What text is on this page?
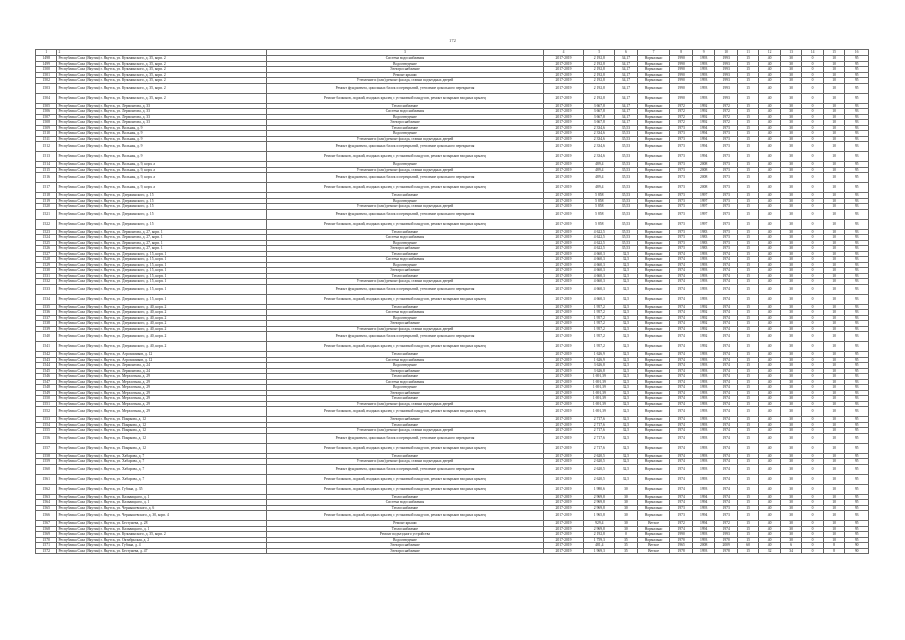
172
1	2	3	4	5	6	7	8	9	10	11	12	13	14	15	16
1498	Республика Саха (Якутия) г. Якутск, ул. Кузьминского, д. 35, корп. 2	Система водоснабжения	2017-2019	2 192,8	34,17	Нормально	1990	1993	1993	15	40	30	0	10	95
1499	Республика Саха (Якутия) г. Якутск, ул. Кузьминского, д. 35, корп. 2	Водоотведение	2017-2019	2 192,8	34,17	Нормально	1990	1993	1993	15	40	30	0	10	95
1500	Республика Саха (Якутия) г. Якутск, ул. Кузьминского, д. 35, корп. 2	Электроснабжение	2017-2019	2 192,8	34,17	Нормально	1990	1993	1993	15	40	30	0	10	95
1501	Республика Саха (Якутия) г. Якутск, ул. Кузьминского, д. 35, корп. 2	Ремонт крыши	2017-2019	2 192,8	34,17	Нормально	1990	1993	1993	15	40	30	0	10	95
1502	Республика Саха (Якутия) г. Якутск, ул. Кузьминского, д. 35, корп. 2	Утепление и (или) ремонт фасада, ставни подъездных дверей	2017-2019	2 192,8	34,17	Нормально	1990	1993	1993	15	40	30	0	10	95
1503	Республика Саха (Якутия) г. Якутск, ул. Кузьминского, д. 35, корп. 2	Ремонт фундамента, цокольных балок и перекрытий, утепление цокольного перекрытия	2017-2019	2 192,8	34,17	Нормально	1990	1993	1993	15	40	30	0	10	95
1504	Республика Саха (Якутия) г. Якутск, ул. Кузьминского, д. 35, корп. 2	Ремонт балконов, лоджий, входных крылец с установкой пандусов, ремонт козырьков входных крылец	2017-2019	2 192,8	34,17	Нормально	1990	1993	1993	15	40	30	0	10	95
1505	Республика Саха (Якутия) г. Якутск, ул. Лермонтова, д. 33	Теплоснабжение	2017-2019	3 667,8	34,17	Нормально	1972	1992	1972	15	40	30	0	10	93
1506	Республика Саха (Якутия) г. Якутск, ул. Лермонтова, д. 33	Система водоснабжения	2017-2019	3 667,8	34,17	Нормально	1972	1992	1972	15	40	30	0	10	93
1507	Республика Саха (Якутия) г. Якутск, ул. Лермонтова, д. 33	Водоотведение	2017-2019	3 667,8	34,17	Нормально	1972	1992	1972	15	40	30	0	10	93
1508	Республика Саха (Якутия) г. Якутск, ул. Лермонтова, д. 33	Электроснабжение	2017-2019	3 667,8	34,17	Нормально	1972	1992	1972	15	40	30	0	10	93
1509	Республика Саха (Якутия) г. Якутск, ул. Вольная, д. 9	Теплоснабжение	2017-2019	2 334,6	35,53	Нормально	1973	1994	1973	15	40	30	0	10	93
1510	Республика Саха (Якутия) г. Якутск, ул. Вольная, д. 9	Водоотведение	2017-2019	2 334,6	35,53	Нормально	1973	1994	1973	15	40	30	0	10	93
1511	Республика Саха (Якутия) г. Якутск, ул. Вольная, д. 9	Утепление и (или) ремонт фасада, ставни подъездных дверей	2017-2019	2 334,6	35,53	Нормально	1973	1994	1973	15	40	30	0	10	93
1512	Республика Саха (Якутия) г. Якутск, ул. Вольная, д. 9	Ремонт фундамента, цокольных балок и перекрытий, утепление цокольного перекрытия	2017-2019	2 334,6	35,53	Нормально	1973	1994	1973	15	40	30	0	10	93
1513	Республика Саха (Якутия) г. Якутск, ул. Вольная, д. 9	Ремонт балконов, лоджий, входных крылец с установкой пандусов, ремонт козырьков входных крылец	2017-2019	2 334,6	35,53	Нормально	1973	1994	1973	15	40	30	0	10	93
1514	Республика Саха (Якутия) г. Якутск, ул. Вольная, д. 9, корп. а	Водоотведение	2017-2019	489,4	35,53	Нормально	1973	2008	1973	15	40	30	0	10	95
1515	Республика Саха (Якутия) г. Якутск, ул. Вольная, д. 9, корп. а	Утепление и (или) ремонт фасада, ставни подъездных дверей	2017-2019	489,4	35,53	Нормально	1973	2008	1973	15	40	30	0	10	95
1516	Республика Саха (Якутия) г. Якутск, ул. Вольная, д. 9, корп. а	Ремонт фундамента, цокольных балок и перекрытий, утепление цокольного перекрытия	2017-2019	489,4	35,53	Нормально	1973	2008	1973	15	40	30	0	10	95
1517	Республика Саха (Якутия) г. Якутск, ул. Вольная, д. 9, корп. а	Ремонт балконов, лоджий, входных крылец с установкой пандусов, ремонт козырьков входных крылец	2017-2019	489,4	35,53	Нормально	1973	2008	1973	15	40	30	0	10	95
1518	Республика Саха (Якутия) г. Якутск, ул. Дзержинского, д. 15	Теплоснабжение	2017-2019	5 858	35,53	Нормально	1973	1997	1973	15	40	30	0	10	93
1519	Республика Саха (Якутия) г. Якутск, ул. Дзержинского, д. 15	Водоотведение	2017-2019	5 858	35,53	Нормально	1973	1997	1973	15	40	30	0	10	93
1520	Республика Саха (Якутия) г. Якутск, ул. Дзержинского, д. 15	Утепление и (или) ремонт фасада, ставни подъездных дверей	2017-2019	5 858	35,53	Нормально	1973	1997	1973	15	40	30	0	10	93
1521	Республика Саха (Якутия) г. Якутск, ул. Дзержинского, д. 15	Ремонт фундамента, цокольных балок и перекрытий, утепление цокольного перекрытия	2017-2019	5 858	35,53	Нормально	1973	1997	1973	15	40	30	0	10	93
1522	Республика Саха (Якутия) г. Якутск, ул. Дзержинского, д. 15	Ремонт балконов, лоджий, входных крылец с установкой пандусов, ремонт козырьков входных крылец	2017-2019	5 858	35,53	Нормально	1973	1997	1973	15	40	30	0	10	93
1523	Республика Саха (Якутия) г. Якутск, ул. Лермонтова, д. 27, корп. 1	Теплоснабжение	2017-2019	4 622,5	35,53	Нормально	1973	1983	1973	15	40	30	0	10	93
1524	Республика Саха (Якутия) г. Якутск, ул. Лермонтова, д. 27, корп. 1	Система водоснабжения	2017-2019	4 622,5	35,53	Нормально	1973	1983	1973	15	40	30	0	10	93
1525	Республика Саха (Якутия) г. Якутск, ул. Лермонтова, д. 27, корп. 1	Водоотведение	2017-2019	4 622,5	35,53	Нормально	1973	1983	1973	15	40	30	0	10	93
1526	Республика Саха (Якутия) г. Якутск, ул. Лермонтова, д. 27, корп. 1	Электроснабжение	2017-2019	4 622,5	35,53	Нормально	1973	1983	1973	15	40	30	0	10	93
1527	Республика Саха (Якутия) г. Якутск, ул. Дзержинского, д. 15, корп. 1	Теплоснабжение	2017-2019	4 660,3	32,5	Нормально	1974	1993	1974	15	40	30	0	10	93
1528	Республика Саха (Якутия) г. Якутск, ул. Дзержинского, д. 15, корп. 1	Система водоснабжения	2017-2019	4 660,3	32,5	Нормально	1974	1993	1974	15	40	30	0	10	93
1529	Республика Саха (Якутия) г. Якутск, ул. Дзержинского, д. 15, корп. 1	Водоотведение	2017-2019	4 660,3	32,5	Нормально	1974	1993	1974	15	40	30	0	10	93
1530	Республика Саха (Якутия) г. Якутск, ул. Дзержинского, д. 15, корп. 1	Электроснабжение	2017-2019	4 660,3	32,5	Нормально	1974	1993	1974	15	40	30	0	10	93
1531	Республика Саха (Якутия) г. Якутск, ул. Дзержинского, д. 15, корп. 1	Теплоснабжение	2017-2019	4 660,3	32,5	Нормально	1974	1993	1974	15	40	30	0	10	93
1532	Республика Саха (Якутия) г. Якутск, ул. Дзержинского, д. 15, корп. 1	Утепление и (или) ремонт фасада, ставни подъездных дверей	2017-2019	4 660,3	32,5	Нормально	1974	1993	1974	15	40	30	0	10	93
1533	Республика Саха (Якутия) г. Якутск, ул. Дзержинского, д. 15, корп. 1	Ремонт фундамента, цокольных балок и перекрытий, утепление цокольного перекрытия	2017-2019	4 660,3	32,5	Нормально	1974	1993	1974	15	40	30	0	10	93
1534	Республика Саха (Якутия) г. Якутск, ул. Дзержинского, д. 15, корп. 1	Ремонт балконов, лоджий, входных крылец с установкой пандусов, ремонт козырьков входных крылец	2017-2019	4 660,3	32,5	Нормально	1974	1993	1974	15	40	30	0	10	93
1535	Республика Саха (Якутия) г. Якутск, ул. Дзержинского, д. 40, корп. 2	Теплоснабжение	2017-2019	1 957,2	32,5	Нормально	1974	1992	1974	15	40	30	0	10	93
1536	Республика Саха (Якутия) г. Якутск, ул. Дзержинского, д. 40, корп. 2	Система водоснабжения	2017-2019	1 957,2	32,5	Нормально	1974	1992	1974	15	40	30	0	10	93
1537	Республика Саха (Якутия) г. Якутск, ул. Дзержинского, д. 40, корп. 2	Водоотведение	2017-2019	1 957,2	32,5	Нормально	1974	1992	1974	15	40	30	0	10	93
1538	Республика Саха (Якутия) г. Якутск, ул. Дзержинского, д. 40, корп. 2	Электроснабжение	2017-2019	1 957,2	32,5	Нормально	1974	1992	1974	15	40	30	0	10	93
1539	Республика Саха (Якутия) г. Якутск, ул. Дзержинского, д. 40, корп. 2	Утепление и (или) ремонт фасада, ставни подъездных дверей	2017-2019	1 957,2	32,5	Нормально	1974	1992	1974	15	40	30	0	10	93
1540	Республика Саха (Якутия) г. Якутск, ул. Дзержинского, д. 40, корп. 2	Ремонт фундамента, цокольных балок и перекрытий, утепление цокольного перекрытия	2017-2019	1 957,2	32,5	Нормально	1974	1992	1974	15	40	30	0	10	93
1541	Республика Саха (Якутия) г. Якутск, ул. Дзержинского, д. 40, корп. 2	Ремонт балконов, лоджий, входных крылец с установкой пандусов, ремонт козырьков входных крылец	2017-2019	1 957,2	32,5	Нормально	1974	1992	1974	15	40	30	0	10	93
1542	Республика Саха (Якутия) г. Якутск, ул. Агрохимиков, д. 12	Теплоснабжение	2017-2019	1 626,9	32,5	Нормально	1974	1993	1974	15	40	30	0	10	95
1543	Республика Саха (Якутия) г. Якутск, ул. Агрохимиков, д. 12	Система водоснабжения	2017-2019	1 626,9	32,5	Нормально	1974	1993	1974	15	40	30	0	10	95
1544	Республика Саха (Якутия) г. Якутск, ул. Лермонтова, д. 24	Водоотведение	2017-2019	3 626,8	32,5	Нормально	1974	1993	1974	15	40	30	0	10	95
1545	Республика Саха (Якутия) г. Якутск, ул. Лермонтова, д. 24	Электроснабжение	2017-2019	3 626,8	32,5	Нормально	1974	1993	1974	15	40	30	0	10	95
1546	Республика Саха (Якутия) г. Якутск, ул. Мерзлотная, д. 29	Теплоснабжение	2017-2019	1 691,39	32,5	Нормально	1974	1993	1974	15	40	30	0	10	93
1547	Республика Саха (Якутия) г. Якутск, ул. Мерзлотная, д. 29	Система водоснабжения	2017-2019	1 691,39	32,5	Нормально	1974	1993	1974	15	40	30	0	10	93
1548	Республика Саха (Якутия) г. Якутск, ул. Мерзлотная, д. 29	Водоотведение	2017-2019	1 691,39	32,5	Нормально	1974	1993	1974	15	40	30	0	10	93
1549	Республика Саха (Якутия) г. Якутск, ул. Мерзлотная, д. 29	Электроснабжение	2017-2019	1 691,39	32,5	Нормально	1974	1993	1974	15	40	30	0	10	93
1550	Республика Саха (Якутия) г. Якутск, ул. Мерзлотная, д. 29	Теплоснабжение	2017-2019	1 691,39	32,5	Нормально	1974	1993	1974	15	40	30	0	10	93
1551	Республика Саха (Якутия) г. Якутск, ул. Мерзлотная, д. 29	Утепление и (или) ремонт фасада, ставни подъездных дверей	2017-2019	1 691,39	32,5	Нормально	1974	1993	1974	15	40	30	0	10	93
1552	Республика Саха (Якутия) г. Якутск, ул. Мерзлотная, д. 29	Ремонт балконов, лоджий, входных крылец с установкой пандусов, ремонт козырьков входных крылец	2017-2019	1 691,39	32,5	Нормально	1974	1993	1974	15	40	30	0	10	93
1553	Республика Саха (Якутия) г. Якутск, ул. Пояркова, д. 12	Электроснабжение	2017-2019	2 717,6	32,5	Нормально	1974	1993	1974	15	40	30	0	10	95
1554	Республика Саха (Якутия) г. Якутск, ул. Пояркова, д. 12	Теплоснабжение	2017-2019	2 717,6	32,5	Нормально	1974	1993	1974	15	40	30	0	10	95
1555	Республика Саха (Якутия) г. Якутск, ул. Пояркова, д. 12	Утепление и (или) ремонт фасада, ставни подъездных дверей	2017-2019	2 717,6	32,5	Нормально	1974	1993	1974	15	40	30	0	10	95
1556	Республика Саха (Якутия) г. Якутск, ул. Пояркова, д. 12	Ремонт фундамента, цокольных балок и перекрытий, утепление цокольного перекрытия	2017-2019	2 717,6	32,5	Нормально	1974	1993	1974	15	40	30	0	10	95
1557	Республика Саха (Якутия) г. Якутск, ул. Пояркова, д. 12	Ремонт балконов, лоджий, входных крылец с установкой пандусов, ремонт козырьков входных крылец	2017-2019	2 717,6	32,5	Нормально	1974	1993	1974	15	40	30	0	10	95
1558	Республика Саха (Якутия) г. Якутск, ул. Хабарова, д. 7	Теплоснабжение	2017-2019	2 620,5	32,5	Нормально	1974	1993	1974	15	40	30	0	10	95
1559	Республика Саха (Якутия) г. Якутск, ул. Хабарова, д. 7	Утепление и (или) ремонт фасада, ставни подъездных дверей	2017-2019	2 620,5	32,5	Нормально	1974	1993	1974	15	40	30	0	10	95
1560	Республика Саха (Якутия) г. Якутск, ул. Хабарова, д. 7	Ремонт фундамента, цокольных балок и перекрытий, утепление цокольного перекрытия	2017-2019	2 620,5	32,5	Нормально	1974	1993	1974	15	40	30	0	10	95
1561	Республика Саха (Якутия) г. Якутск, ул. Хабарова, д. 7	Ремонт балконов, лоджий, входных крылец с установкой пандусов, ремонт козырьков входных крылец	2017-2019	2 620,5	32,5	Нормально	1974	1993	1974	15	40	30	0	10	95
1562	Республика Саха (Якутия) г. Якутск, ул. Губина, д. 35	Ремонт балконов, лоджий, входных крылец с установкой пандусов, ремонт козырьков входных крылец	2017-2019	1 980,6	30	Нормально	1974	1993	1974	15	40	30	0	10	95
1563	Республика Саха (Якутия) г. Якутск, ул. Кальвицкого, д. 1	Теплоснабжение	2017-2019	2 969,8	30	Нормально	1974	1994	1974	15	40	30	0	10	95
1564	Республика Саха (Якутия) г. Якутск, ул. Кальвицкого, д. 1	Система водоснабжения	2017-2019	2 969,8	30	Нормально	1974	1994	1974	15	40	30	0	10	95
1565	Республика Саха (Якутия) г. Якутск, ул. Чернышевского, д. 6	Теплоснабжение	2017-2019	2 969,8	30	Нормально	1973	1993	1973	15	40	30	0	10	95
1566	Республика Саха (Якутия) г. Якутск, ул. Чернышевского, д. 30, корп. 4	Ремонт балконов, лоджий, входных крылец с установкой пандусов, ремонт козырьков входных крылец	2017-2019	1 965,8	30	Нормально	1973	1994	1973	15	40	30	0	10	93
1567	Республика Саха (Якутия) г. Якутск, ул. Бестужева, д. 28	Ремонт крыши	2017-2019	929,4	30	Ветхое	1972	1994	1972	15	40	30	0	10	95
1568	Республика Саха (Якутия) г. Якутск, ул. Кальвицкого, д. 1	Теплоснабжение	2017-2019	2 969,8	30	Нормально	1974	1994	1974	15	40	30	0	10	95
1569	Республика Саха (Якутия) г. Якутск, ул. Кузьминского, д. 35, корп. 2	Ремонт подъездного устройства	2017-2019	2 192,8	0	Нормально	1990	1993	1993	15	40	30	0	10	95
1570	Республика Саха (Якутия) г. Якутск, ул. Октябрьская, д. 2	Водоотведение	2017-2019	1 759,3	35	Нормально	1970	1993	1970	15	40	30	0	10	95
1571	Республика Саха (Якутия) г. Якутск, ул. Губина, д. 4	Электроснабжение	2017-2019	481,4	35	Ветхое	1965	2008	2009	60	40	6	0	8	90
1572	Республика Саха (Якутия) г. Якутск, ул. Бестужева, д. 47	Электроснабжение	2017-2019	1 969,3	35	Ветхое	1978	1993	1978	15	32	34	0	8	90
